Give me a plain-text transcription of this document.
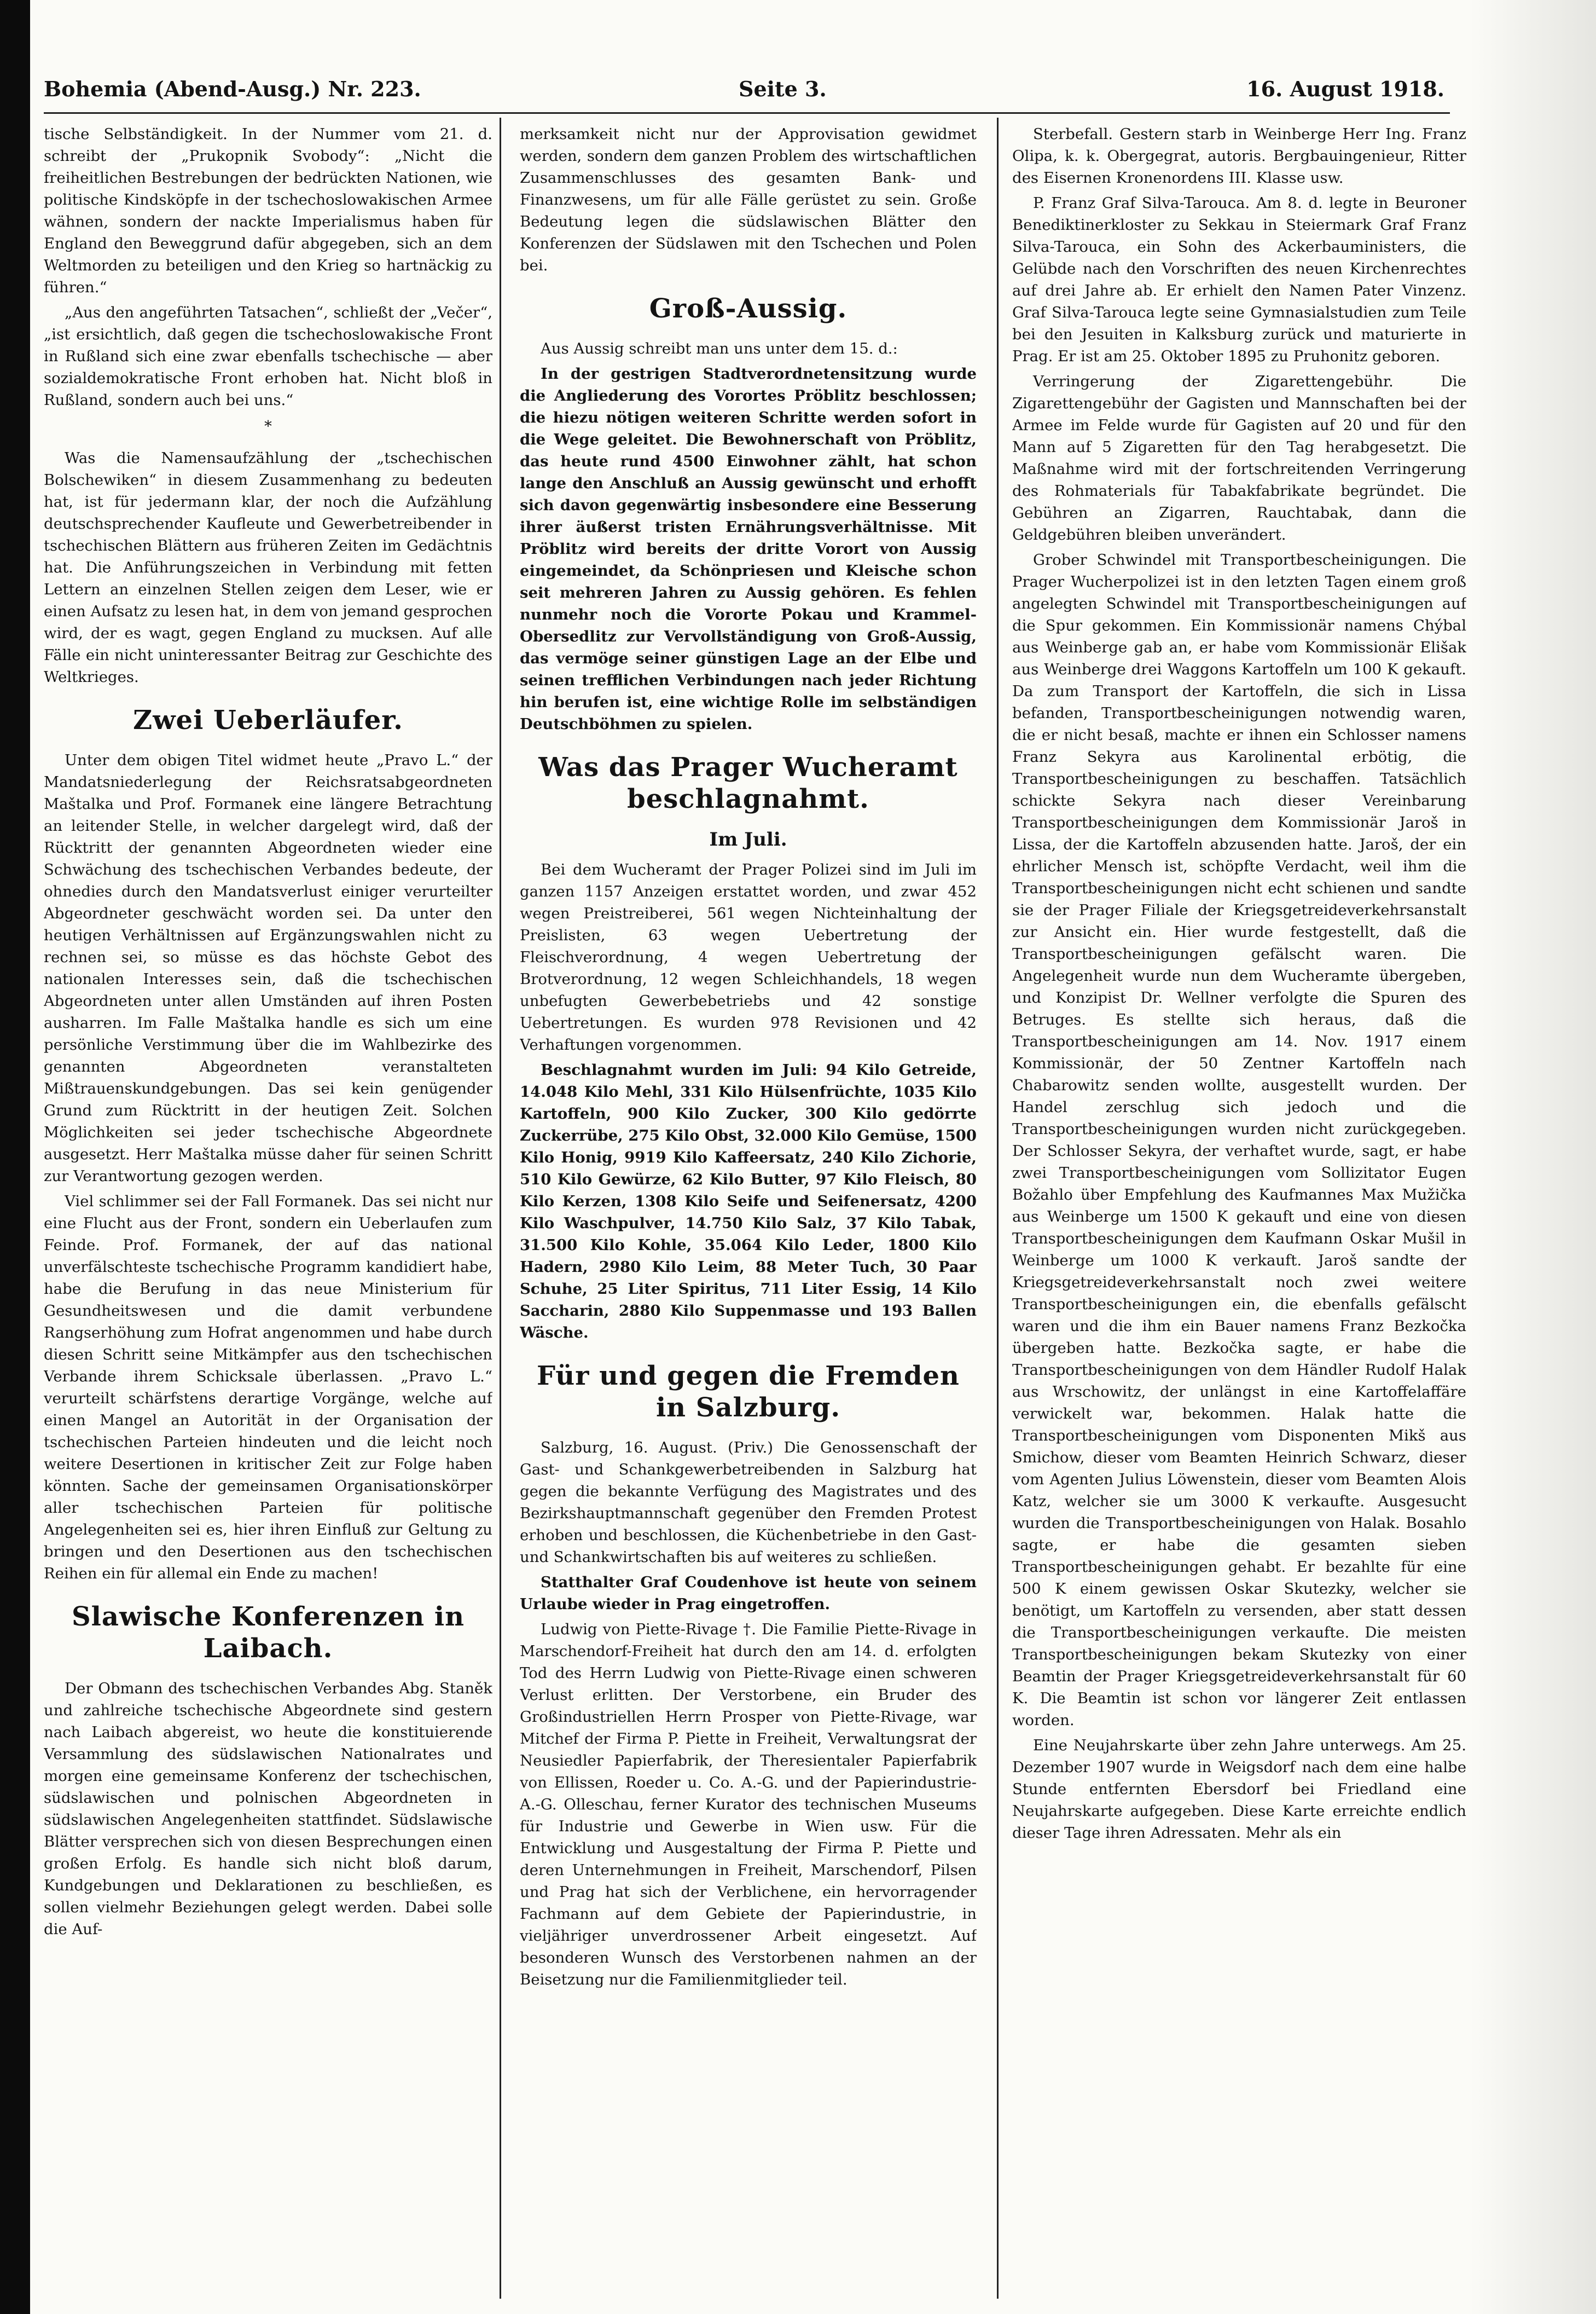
Bohemia (Abend-Ausg.) Nr. 223.	Seite 3.	16. August 1918.

tische Selbständigkeit. In der Nummer vom 21. d. schreibt der „Prukopnik Svobody“: „Nicht die freiheitlichen Bestrebungen der bedrückten Nationen, wie politische Kindsköpfe in der tschechoslowakischen Armee wähnen, sondern der nackte Imperialismus haben für England den Beweggrund dafür abgegeben, sich an dem Weltmorden zu beteiligen und den Krieg so hartnäckig zu führen.“

„Aus den angeführten Tatsachen“, schließt der „Večer“, „ist ersichtlich, daß gegen die tschechoslowakische Front in Rußland sich eine zwar ebenfalls tschechische — aber sozialdemokratische Front erhoben hat. Nicht bloß in Rußland, sondern auch bei uns.“

*

Was die Namensaufzählung der „tschechischen Bolschewiken“ in diesem Zusammenhang zu bedeuten hat, ist für jedermann klar, der noch die Aufzählung deutschsprechender Kaufleute und Gewerbetreibender in tschechischen Blättern aus früheren Zeiten im Gedächtnis hat. Die Anführungszeichen in Verbindung mit fetten Lettern an einzelnen Stellen zeigen dem Leser, wie er einen Aufsatz zu lesen hat, in dem von jemand gesprochen wird, der es wagt, gegen England zu mucksen. Auf alle Fälle ein nicht uninteressanter Beitrag zur Geschichte des Weltkrieges.

Zwei Ueberläufer.

Unter dem obigen Titel widmet heute „Pravo L.“ der Mandatsniederlegung der Reichsratsabgeordneten Maštalka und Prof. Formanek eine längere Betrachtung an leitender Stelle, in welcher dargelegt wird, daß der Rücktritt der genannten Abgeordneten wieder eine Schwächung des tschechischen Verbandes bedeute, der ohnedies durch den Mandatsverlust einiger verurteilter Abgeordneter geschwächt worden sei. Da unter den heutigen Verhältnissen auf Ergänzungswahlen nicht zu rechnen sei, so müsse es das höchste Gebot des nationalen Interesses sein, daß die tschechischen Abgeordneten unter allen Umständen auf ihren Posten ausharren. Im Falle Maštalka handle es sich um eine persönliche Verstimmung über die im Wahlbezirke des genannten Abgeordneten veranstalteten Mißtrauenskundgebungen. Das sei kein genügender Grund zum Rücktritt in der heutigen Zeit. Solchen Möglichkeiten sei jeder tschechische Abgeordnete ausgesetzt. Herr Maštalka müsse daher für seinen Schritt zur Verantwortung gezogen werden.

Viel schlimmer sei der Fall Formanek. Das sei nicht nur eine Flucht aus der Front, sondern ein Ueberlaufen zum Feinde. Prof. Formanek, der auf das national unverfälschteste tschechische Programm kandidiert habe, habe die Berufung in das neue Ministerium für Gesundheitswesen und die damit verbundene Rangserhöhung zum Hofrat angenommen und habe durch diesen Schritt seine Mitkämpfer aus den tschechischen Verbande ihrem Schicksale überlassen. „Pravo L.“ verurteilt schärfstens derartige Vorgänge, welche auf einen Mangel an Autorität in der Organisation der tschechischen Parteien hindeuten und die leicht noch weitere Desertionen in kritischer Zeit zur Folge haben könnten. Sache der gemeinsamen Organisationskörper aller tschechischen Parteien für politische Angelegenheiten sei es, hier ihren Einfluß zur Geltung zu bringen und den Desertionen aus den tschechischen Reihen ein für allemal ein Ende zu machen!

Slawische Konferenzen in Laibach.

Der Obmann des tschechischen Verbandes Abg. Staněk und zahlreiche tschechische Abgeordnete sind gestern nach Laibach abgereist, wo heute die konstituierende Versammlung des südslawischen Nationalrates und morgen eine gemeinsame Konferenz der tschechischen, südslawischen und polnischen Abgeordneten in südslawischen Angelegenheiten stattfindet. Südslawische Blätter versprechen sich von diesen Besprechungen einen großen Erfolg. Es handle sich nicht bloß darum, Kundgebungen und Deklarationen zu beschließen, es sollen vielmehr Beziehungen gelegt werden. Dabei solle die Auf-

merksamkeit nicht nur der Approvisation gewidmet werden, sondern dem ganzen Problem des wirtschaftlichen Zusammenschlusses des gesamten Bank- und Finanzwesens, um für alle Fälle gerüstet zu sein. Große Bedeutung legen die südslawischen Blätter den Konferenzen der Südslawen mit den Tschechen und Polen bei.

Groß-Aussig.

Aus Aussig schreibt man uns unter dem 15. d.:

In der gestrigen Stadtverordnetensitzung wurde die Angliederung des Vorortes Pröblitz beschlossen; die hiezu nötigen weiteren Schritte werden sofort in die Wege geleitet. Die Bewohnerschaft von Pröblitz, das heute rund 4500 Einwohner zählt, hat schon lange den Anschluß an Aussig gewünscht und erhofft sich davon gegenwärtig insbesondere eine Besserung ihrer äußerst tristen Ernährungsverhältnisse. Mit Pröblitz wird bereits der dritte Vorort von Aussig eingemeindet, da Schönpriesen und Kleische schon seit mehreren Jahren zu Aussig gehören. Es fehlen nunmehr noch die Vororte Pokau und Krammel-Obersedlitz zur Vervollständigung von Groß-Aussig, das vermöge seiner günstigen Lage an der Elbe und seinen trefflichen Verbindungen nach jeder Richtung hin berufen ist, eine wichtige Rolle im selbständigen Deutschböhmen zu spielen.

Was das Prager Wucheramt beschlagnahmt.
Im Juli.

Bei dem Wucheramt der Prager Polizei sind im Juli im ganzen 1157 Anzeigen erstattet worden, und zwar 452 wegen Preistreiberei, 561 wegen Nichteinhaltung der Preislisten, 63 wegen Uebertretung der Fleischverordnung, 4 wegen Uebertretung der Brotverordnung, 12 wegen Schleichhandels, 18 wegen unbefugten Gewerbebetriebs und 42 sonstige Uebertretungen. Es wurden 978 Revisionen und 42 Verhaftungen vorgenommen.

Beschlagnahmt wurden im Juli: 94 Kilo Getreide, 14.048 Kilo Mehl, 331 Kilo Hülsenfrüchte, 1035 Kilo Kartoffeln, 900 Kilo Zucker, 300 Kilo gedörrte Zuckerrübe, 275 Kilo Obst, 32.000 Kilo Gemüse, 1500 Kilo Honig, 9919 Kilo Kaffeersatz, 240 Kilo Zichorie, 510 Kilo Gewürze, 62 Kilo Butter, 97 Kilo Fleisch, 80 Kilo Kerzen, 1308 Kilo Seife und Seifenersatz, 4200 Kilo Waschpulver, 14.750 Kilo Salz, 37 Kilo Tabak, 31.500 Kilo Kohle, 35.064 Kilo Leder, 1800 Kilo Hadern, 2980 Kilo Leim, 88 Meter Tuch, 30 Paar Schuhe, 25 Liter Spiritus, 711 Liter Essig, 14 Kilo Saccharin, 2880 Kilo Suppenmasse und 193 Ballen Wäsche.

Für und gegen die Fremden in Salzburg.

Salzburg, 16. August. (Priv.) Die Genossenschaft der Gast- und Schankgewerbetreibenden in Salzburg hat gegen die bekannte Verfügung des Magistrates und des Bezirkshauptmannschaft gegenüber den Fremden Protest erhoben und beschlossen, die Küchenbetriebe in den Gast- und Schankwirtschaften bis auf weiteres zu schließen.

Statthalter Graf Coudenhove ist heute von seinem Urlaube wieder in Prag eingetroffen.

Ludwig von Piette-Rivage †. Die Familie Piette-Rivage in Marschendorf-Freiheit hat durch den am 14. d. erfolgten Tod des Herrn Ludwig von Piette-Rivage einen schweren Verlust erlitten. Der Verstorbene, ein Bruder des Großindustriellen Herrn Prosper von Piette-Rivage, war Mitchef der Firma P. Piette in Freiheit, Verwaltungsrat der Neusiedler Papierfabrik, der Theresientaler Papierfabrik von Ellissen, Roeder u. Co. A.-G. und der Papierindustrie-A.-G. Olleschau, ferner Kurator des technischen Museums für Industrie und Gewerbe in Wien usw. Für die Entwicklung und Ausgestaltung der Firma P. Piette und deren Unternehmungen in Freiheit, Marschendorf, Pilsen und Prag hat sich der Verblichene, ein hervorragender Fachmann auf dem Gebiete der Papierindustrie, in vieljähriger unverdrossener Arbeit eingesetzt. Auf besonderen Wunsch des Verstorbenen nahmen an der Beisetzung nur die Familienmitglieder teil.

Sterbefall. Gestern starb in Weinberge Herr Ing. Franz Olipa, k. k. Obergegrat, autoris. Bergbauingenieur, Ritter des Eisernen Kronenordens III. Klasse usw.

P. Franz Graf Silva-Tarouca. Am 8. d. legte in Beuroner Benediktinerkloster zu Sekkau in Steiermark Graf Franz Silva-Tarouca, ein Sohn des Ackerbauministers, die Gelübde nach den Vorschriften des neuen Kirchenrechtes auf drei Jahre ab. Er erhielt den Namen Pater Vinzenz. Graf Silva-Tarouca legte seine Gymnasialstudien zum Teile bei den Jesuiten in Kalksburg zurück und maturierte in Prag. Er ist am 25. Oktober 1895 zu Pruhonitz geboren.

Verringerung der Zigarettengebühr. Die Zigarettengebühr der Gagisten und Mannschaften bei der Armee im Felde wurde für Gagisten auf 20 und für den Mann auf 5 Zigaretten für den Tag herabgesetzt. Die Maßnahme wird mit der fortschreitenden Verringerung des Rohmaterials für Tabakfabrikate begründet. Die Gebühren an Zigarren, Rauchtabak, dann die Geldgebühren bleiben unverändert.

Grober Schwindel mit Transportbescheinigungen. Die Prager Wucherpolizei ist in den letzten Tagen einem groß angelegten Schwindel mit Transportbescheinigungen auf die Spur gekommen. Ein Kommissionär namens Chýbal aus Weinberge gab an, er habe vom Kommissionär Elišak aus Weinberge drei Waggons Kartoffeln um 100 K gekauft. Da zum Transport der Kartoffeln, die sich in Lissa befanden, Transportbescheinigungen notwendig waren, die er nicht besaß, machte er ihnen ein Schlosser namens Franz Sekyra aus Karolinental erbötig, die Transportbescheinigungen zu beschaffen. Tatsächlich schickte Sekyra nach dieser Vereinbarung Transportbescheinigungen dem Kommissionär Jaroš in Lissa, der die Kartoffeln abzusenden hatte. Jaroš, der ein ehrlicher Mensch ist, schöpfte Verdacht, weil ihm die Transportbescheinigungen nicht echt schienen und sandte sie der Prager Filiale der Kriegsgetreideverkehrsanstalt zur Ansicht ein. Hier wurde festgestellt, daß die Transportbescheinigungen gefälscht waren. Die Angelegenheit wurde nun dem Wucheramte übergeben, und Konzipist Dr. Wellner verfolgte die Spuren des Betruges. Es stellte sich heraus, daß die Transportbescheinigungen am 14. Nov. 1917 einem Kommissionär, der 50 Zentner Kartoffeln nach Chabarowitz senden wollte, ausgestellt wurden. Der Handel zerschlug sich jedoch und die Transportbescheinigungen wurden nicht zurückgegeben. Der Schlosser Sekyra, der verhaftet wurde, sagt, er habe zwei Transportbescheinigungen vom Sollizitator Eugen Božahlo über Empfehlung des Kaufmannes Max Mužička aus Weinberge um 1500 K gekauft und eine von diesen Transportbescheinigungen dem Kaufmann Oskar Mušil in Weinberge um 1000 K verkauft. Jaroš sandte der Kriegsgetreideverkehrsanstalt noch zwei weitere Transportbescheinigungen ein, die ebenfalls gefälscht waren und die ihm ein Bauer namens Franz Bezkočka übergeben hatte. Bezkočka sagte, er habe die Transportbescheinigungen von dem Händler Rudolf Halak aus Wrschowitz, der unlängst in eine Kartoffelaffäre verwickelt war, bekommen. Halak hatte die Transportbescheinigungen vom Disponenten Mikš aus Smichow, dieser vom Beamten Heinrich Schwarz, dieser vom Agenten Julius Löwenstein, dieser vom Beamten Alois Katz, welcher sie um 3000 K verkaufte. Ausgesucht wurden die Transportbescheinigungen von Halak. Bosahlo sagte, er habe die gesamten sieben Transportbescheinigungen gehabt. Er bezahlte für eine 500 K einem gewissen Oskar Skutezky, welcher sie benötigt, um Kartoffeln zu versenden, aber statt dessen die Transportbescheinigungen verkaufte. Die meisten Transportbescheinigungen bekam Skutezky von einer Beamtin der Prager Kriegsgetreideverkehrsanstalt für 60 K. Die Beamtin ist schon vor längerer Zeit entlassen worden.

Eine Neujahrskarte über zehn Jahre unterwegs. Am 25. Dezember 1907 wurde in Weigsdorf nach dem eine halbe Stunde entfernten Ebersdorf bei Friedland eine Neujahrskarte aufgegeben. Diese Karte erreichte endlich dieser Tage ihren Adressaten. Mehr als ein
